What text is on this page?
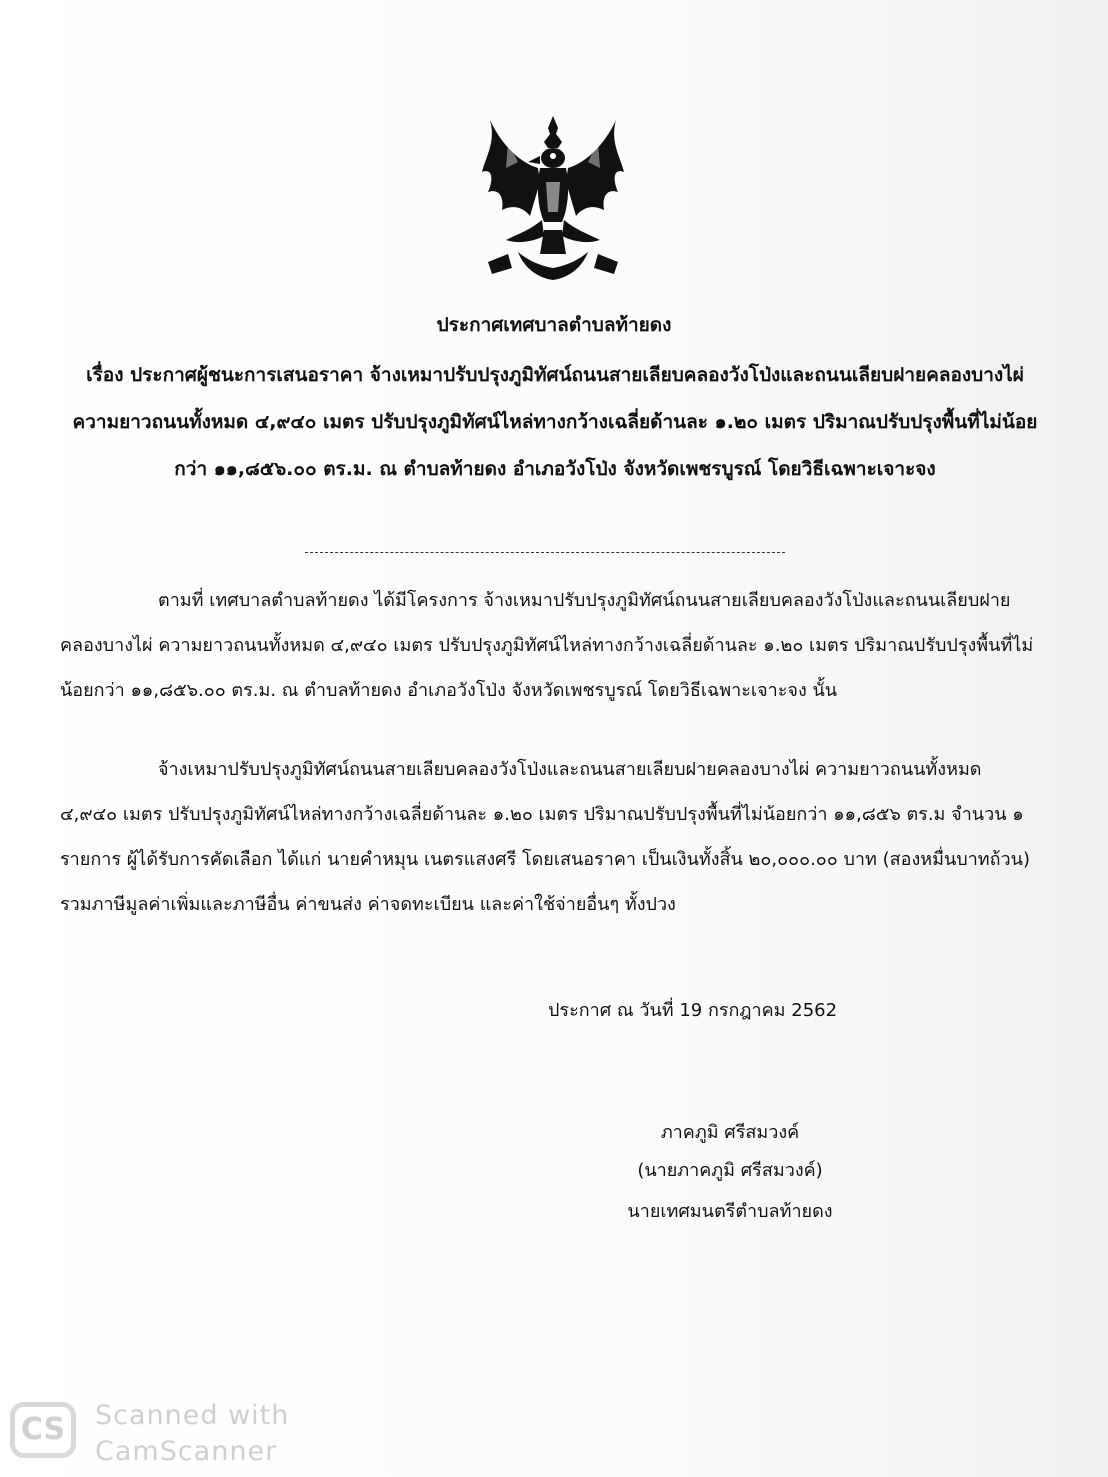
ประกาศเทศบาลตำบลท้ายดง
เรื่อง ประกาศผู้ชนะการเสนอราคา จ้างเหมาปรับปรุงภูมิทัศน์ถนนสายเลียบคลองวังโป่งและถนนเลียบฝายคลองบางไผ่ ความยาวถนนทั้งหมด ๔,๙๔๐ เมตร ปรับปรุงภูมิทัศน์ไหล่ทางกว้างเฉลี่ยด้านละ ๑.๒๐ เมตร ปริมาณปรับปรุงพื้นที่ไม่น้อยกว่า ๑๑,๘๕๖.๐๐ ตร.ม. ณ ตำบลท้ายดง อำเภอวังโป่ง จังหวัดเพชรบูรณ์ โดยวิธีเฉพาะเจาะจง
ตามที่ เทศบาลตำบลท้ายดง ได้มีโครงการ จ้างเหมาปรับปรุงภูมิทัศน์ถนนสายเลียบคลองวังโป่งและถนนเลียบฝายคลองบางไผ่ ความยาวถนนทั้งหมด ๔,๙๔๐ เมตร ปรับปรุงภูมิทัศน์ไหล่ทางกว้างเฉลี่ยด้านละ ๑.๒๐ เมตร ปริมาณปรับปรุงพื้นที่ไม่น้อยกว่า ๑๑,๘๕๖.๐๐ ตร.ม. ณ ตำบลท้ายดง อำเภอวังโป่ง จังหวัดเพชรบูรณ์ โดยวิธีเฉพาะเจาะจง นั้น
จ้างเหมาปรับปรุงภูมิทัศน์ถนนสายเลียบคลองวังโป่งและถนนสายเลียบฝายคลองบางไผ่ ความยาวถนนทั้งหมด ๔,๙๔๐ เมตร ปรับปรุงภูมิทัศน์ไหล่ทางกว้างเฉลี่ยด้านละ ๑.๒๐ เมตร ปริมาณปรับปรุงพื้นที่ไม่น้อยกว่า ๑๑,๘๕๖ ตร.ม จำนวน ๑ รายการ ผู้ได้รับการคัดเลือก ได้แก่ นายคำหมุน เนตรแสงศรี โดยเสนอราคา เป็นเงินทั้งสิ้น ๒๐,๐๐๐.๐๐ บาท (สองหมื่นบาทถ้วน) รวมภาษีมูลค่าเพิ่มและภาษีอื่น ค่าขนส่ง ค่าจดทะเบียน และค่าใช้จ่ายอื่นๆ ทั้งปวง
ประกาศ ณ วันที่ 19 กรกฎาคม 2562
ภาคภูมิ ศรีสมวงค์
(นายภาคภูมิ ศรีสมวงค์)
นายเทศมนตรีตำบลท้ายดง
CS	Scanned with
CamScanner
